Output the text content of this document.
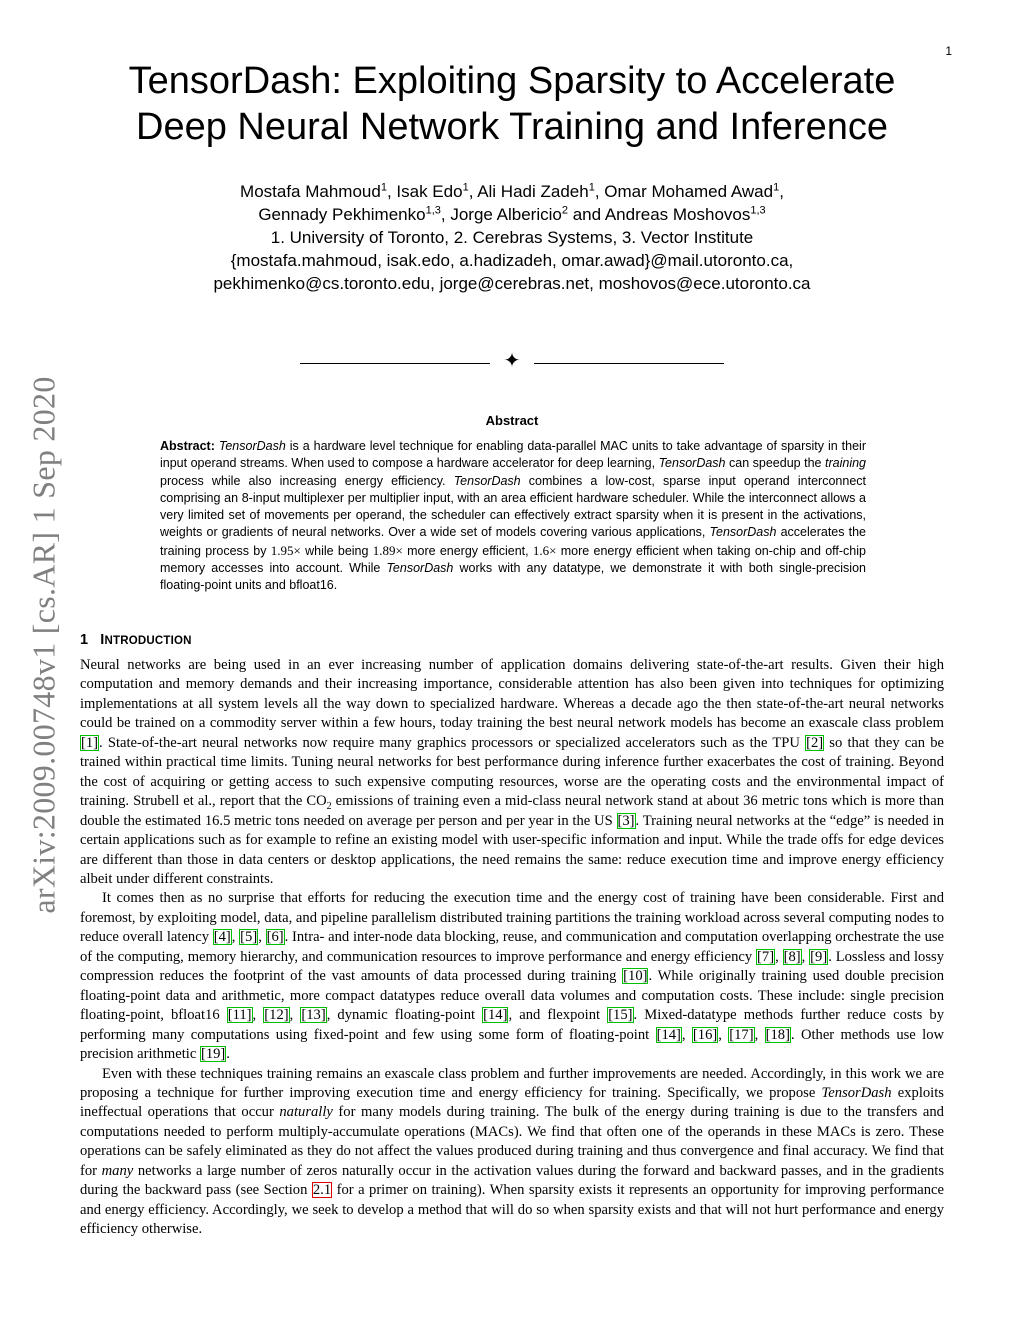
1
arXiv:2009.00748v1 [cs.AR] 1 Sep 2020
TensorDash: Exploiting Sparsity to Accelerate
Deep Neural Network Training and Inference
Mostafa Mahmoud$^1$, Isak Edo$^1$, Ali Hadi Zadeh$^1$, Omar Mohamed Awad$^1$,
Gennady Pekhimenko$^{1,3}$, Jorge Albericio$^2$ and Andreas Moshovos$^{1,3}$
1. University of Toronto, 2. Cerebras Systems, 3. Vector Institute
{mostafa.mahmoud, isak.edo, a.hadizadeh, omar.awad}@mail.utoronto.ca,
pekhimenko@cs.toronto.edu, jorge@cerebras.net, moshovos@ece.utoronto.ca
✦
Abstract

Abstract: TensorDash is a hardware level technique for enabling data-parallel MAC units to take advantage of sparsity in their input operand streams. When used to compose a hardware accelerator for deep learning, TensorDash can speedup the training process while also increasing energy efficiency. TensorDash combines a low-cost, sparse input operand interconnect comprising an 8-input multiplexer per multiplier input, with an area efficient hardware scheduler. While the interconnect allows a very limited set of movements per operand, the scheduler can effectively extract sparsity when it is present in the activations, weights or gradients of neural networks. Over a wide set of models covering various applications, TensorDash accelerates the training process by 1.95× while being 1.89× more energy efficient, 1.6× more energy efficient when taking on-chip and off-chip memory accesses into account. While TensorDash works with any datatype, we demonstrate it with both single-precision floating-point units and bfloat16.

1 INTRODUCTION

Neural networks are being used in an ever increasing number of application domains delivering state-of-the-art results. Given their high computation and memory demands and their increasing importance, considerable attention has also been given into techniques for optimizing implementations at all system levels all the way down to specialized hardware. Whereas a decade ago the then state-of-the-art neural networks could be trained on a commodity server within a few hours, today training the best neural network models has become an exascale class problem [1]. State-of-the-art neural networks now require many graphics processors or specialized accelerators such as the TPU [2] so that they can be trained within practical time limits. Tuning neural networks for best performance during inference further exacerbates the cost of training. Beyond the cost of acquiring or getting access to such expensive computing resources, worse are the operating costs and the environmental impact of training. Strubell et al., report that the $CO_2$ emissions of training even a mid-class neural network stand at about 36 metric tons which is more than double the estimated 16.5 metric tons needed on average per person and per year in the US [3]. Training neural networks at the “edge” is needed in certain applications such as for example to refine an existing model with user-specific information and input. While the trade offs for edge devices are different than those in data centers or desktop applications, the need remains the same: reduce execution time and improve energy efficiency albeit under different constraints.

It comes then as no surprise that efforts for reducing the execution time and the energy cost of training have been considerable. First and foremost, by exploiting model, data, and pipeline parallelism distributed training partitions the training workload across several computing nodes to reduce overall latency [4], [5], [6]. Intra- and inter-node data blocking, reuse, and communication and computation overlapping orchestrate the use of the computing, memory hierarchy, and communication resources to improve performance and energy efficiency [7], [8], [9]. Lossless and lossy compression reduces the footprint of the vast amounts of data processed during training [10]. While originally training used double precision floating-point data and arithmetic, more compact datatypes reduce overall data volumes and computation costs. These include: single precision floating-point, bfloat16 [11], [12], [13], dynamic floating-point [14], and flexpoint [15]. Mixed-datatype methods further reduce costs by performing many computations using fixed-point and few using some form of floating-point [14], [16], [17], [18]. Other methods use low precision arithmetic [19].

Even with these techniques training remains an exascale class problem and further improvements are needed. Accordingly, in this work we are proposing a technique for further improving execution time and energy efficiency for training. Specifically, we propose TensorDash exploits ineffectual operations that occur naturally for many models during training. The bulk of the energy during training is due to the transfers and computations needed to perform multiply-accumulate operations (MACs). We find that often one of the operands in these MACs is zero. These operations can be safely eliminated as they do not affect the values produced during training and thus convergence and final accuracy. We find that for many networks a large number of zeros naturally occur in the activation values during the forward and backward passes, and in the gradients during the backward pass (see Section 2.1 for a primer on training). When sparsity exists it represents an opportunity for improving performance and energy efficiency. Accordingly, we seek to develop a method that will do so when sparsity exists and that will not hurt performance and energy efficiency otherwise.
